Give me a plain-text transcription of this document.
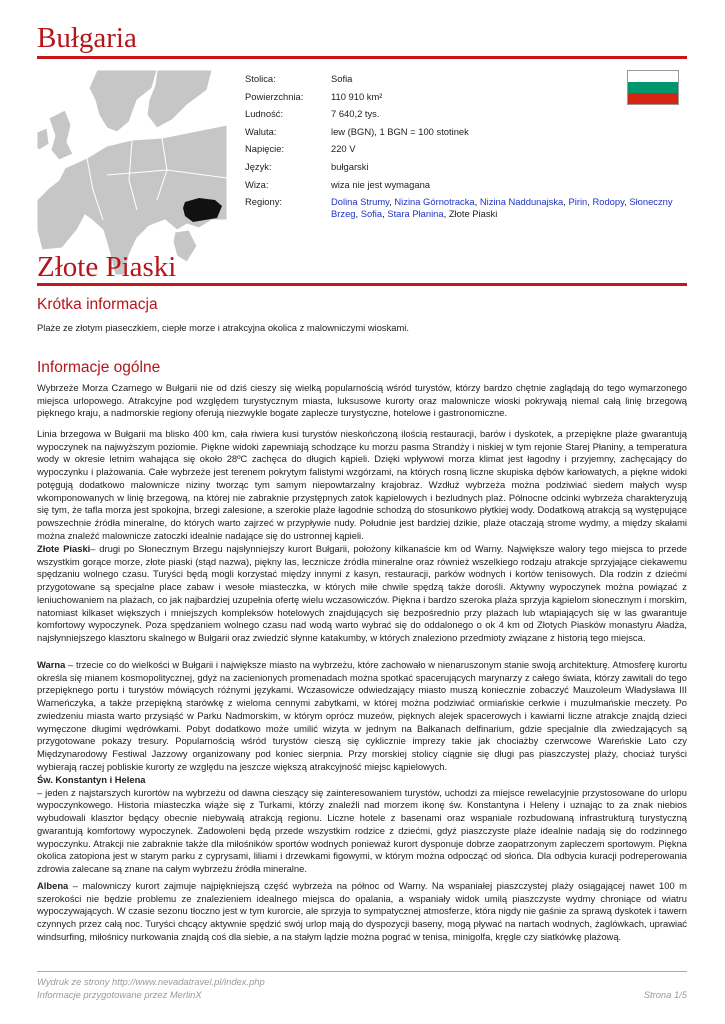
Bułgaria
Stolica:	Sofia
Powierzchnia:	110 910 km²
Ludność:	7 640,2 tys.
Waluta:	lew (BGN), 1 BGN = 100 stotinek
Napięcie:	220 V
Język:	bułgarski
Wiza:	wiza nie jest wymagana
Regiony:	Dolina Strumy, Nizina Górnotracka, Nizina Naddunajska, Pirin, Rodopy, Słoneczny Brzeg, Sofia, Stara Płanina, Złote Piaski
Złote Piaski
Krótka informacja

Plaże ze złotym piaseczkiem, ciepłe morze i atrakcyjna okolica z malowniczymi wioskami.

Informacje ogólne

Wybrzeże Morza Czarnego w Bułgarii nie od dziś cieszy się wielką popularnością wśród turystów, którzy bardzo chętnie zaglądają do tego wymarzonego miejsca urlopowego. Atrakcyjne pod względem turystycznym miasta, luksusowe kurorty oraz malownicze wioski pokrywają niemal całą linię brzegową pięknego kraju, a nadmorskie regiony oferują niezwykle bogate zaplecze turystyczne, hotelowe i gastronomiczne.

Linia brzegowa w Bułgarii ma blisko 400 km, cała riwiera kusi turystów nieskończoną ilością restauracji, barów i dyskotek, a przepiękne plaże gwarantują wypoczynek na najwyższym poziomie. Piękne widoki zapewniają schodzące ku morzu pasma Strandży i niskiej w tym rejonie Starej Płaniny, a temperatura wody w okresie letnim wahająca się około 28ºC zachęca do długich kąpieli. Dzięki wpływowi morza klimat jest łagodny i przyjemny, zachęcający do wypoczynku i plażowania. Całe wybrzeże jest terenem pokrytym falistymi wzgórzami, na których rosną liczne skupiska dębów karłowatych, a piękne widoki potęgują dodatkowo malownicze niziny tworząc tym samym niepowtarzalny krajobraz. Wzdłuż wybrzeża można podziwiać siedem małych wysp wkomponowanych w linię brzegową, na której nie zabraknie przystępnych zatok kąpielowych i bezludnych plaż. Północne odcinki wybrzeża charakteryzują się tym, że tafla morza jest spokojna, brzegi zalesione, a szerokie plaże łagodnie schodzą do stosunkowo płytkiej wody. Dodatkową atrakcją są występujące powszechnie źródła mineralne, do których warto zajrzeć w przypływie nudy. Południe jest bardziej dzikie, plaże otaczają strome wydmy, a między skałami można znaleźć malownicze zatoczki idealnie nadające się do ustronnej kąpieli.

Złote Piaski– drugi po Słonecznym Brzegu najsłynniejszy kurort Bułgarii, położony kilkanaście km od Warny. Największe walory tego miejsca to przede wszystkim gorące morze, złote piaski (stąd nazwa), piękny las, lecznicze źródła mineralne oraz również wszelkiego rodzaju atrakcje sprzyjające ciekawemu spędzaniu wolnego czasu. Turyści będą mogli korzystać między innymi z kasyn, restauracji, parków wodnych i kortów tenisowych. Dla rodzin z dziećmi przygotowane są specjalne place zabaw i wesołe miasteczka, w których miłe chwile spędzą także dorośli. Aktywny wypoczynek można powiązać z leniuchowaniem na plażach, co jak najbardziej uzupełnia ofertę wielu wczasowiczów. Piękna i bardzo szeroka plaża sprzyja kąpielom słonecznym i morskim, natomiast kilkaset większych i mniejszych kompleksów hotelowych znajdujących się bezpośrednio przy plażach lub wtapiających się w las gwarantuje komfortowy wypoczynek. Poza spędzaniem wolnego czasu nad wodą warto wybrać się do oddalonego o ok 4 km od Złotych Piasków monastyru Aładża, najsłynniejszego klasztoru skalnego w Bułgarii oraz zwiedzić słynne katakumby, w których znaleziono przedmioty związane z historią tego miejsca.

Warna – trzecie co do wielkości w Bułgarii i największe miasto na wybrzeżu, które zachowało w nienaruszonym stanie swoją architekturę. Atmosferę kurortu określa się mianem kosmopolitycznej, gdyż na zacienionych promenadach można spotkać spacerujących marynarzy z całego świata, którzy zawitali do tego przepięknego portu i turystów mówiących różnymi językami. Wczasowicze odwiedzający miasto muszą koniecznie zobaczyć Mauzoleum Władysława III Warneńczyka, a także przepiękną starówkę z wieloma cennymi zabytkami, w której można podziwiać ormiańskie cerkwie i muzułmańskie meczety. Po zwiedzeniu miasta warto przysiąść w Parku Nadmorskim, w którym oprócz muzeów, pięknych alejek spacerowych i kawiarni liczne atrakcje znajdą dzieci wymęczone długimi wędrówkami. Pobyt dodatkowo może umilić wizyta w jednym na Bałkanach delfinarium, gdzie specjalnie dla zwiedzających są przygotowane pokazy tresury. Popularnością wśród turystów cieszą się cyklicznie imprezy takie jak chociażby czerwcowe Wareńskie Lato czy Międzynarodowy Festiwal Jazzowy organizowany pod koniec sierpnia. Przy morskiej stolicy ciągnie się długi pas piaszczystej plaży, chociaż turyści wybierają raczej pobliskie kurorty ze względu na jeszcze większą atrakcyjność miejsc kąpielowych.

Św. Konstantyn i Helena
– jeden z najstarszych kurortów na wybrzeżu od dawna cieszący się zainteresowaniem turystów, uchodzi za miejsce rewelacyjnie przystosowane do urlopu wypoczynkowego. Historia miasteczka wiąże się z Turkami, którzy znaleźli nad morzem ikonę św. Konstantyna i Heleny i uznając to za znak niebios wybudowali klasztor będący obecnie niebywałą atrakcją regionu. Liczne hotele z basenami oraz wspaniale rozbudowaną infrastrukturą turystyczną gwarantują komfortowy wypoczynek. Zadowoleni będą przede wszystkim rodzice z dziećmi, gdyż piaszczyste plaże idealnie nadają się do rodzinnego wypoczynku. Atrakcji nie zabraknie także dla miłośników sportów wodnych ponieważ kurort dysponuje dobrze zaopatrzonym zapleczem sportowym. Piękna okolica zatopiona jest w starym parku z cyprysami, liliami i drzewkami figowymi, w którym można odpocząć od słońca. Dla odbycia kuracji podreperowania zdrowia zalecane są znane na całym wybrzeżu źródła mineralne.

Albena – malowniczy kurort zajmuje najpiękniejszą część wybrzeża na północ od Warny. Na wspaniałej piaszczystej plaży osiągającej nawet 100 m szerokości nie będzie problemu ze znalezieniem idealnego miejsca do opalania, a wspaniały widok umilą piaszczyste wydmy chroniące od wiatru wypoczywających. W czasie sezonu tłoczno jest w tym kurorcie, ale sprzyja to sympatycznej atmosferze, która nigdy nie gaśnie za sprawą dyskotek i tawern czynnych przez całą noc. Turyści chcący aktywnie spędzić swój urlop mają do dyspozycji baseny, mogą pływać na nartach wodnych, żaglówkach, uprawiać windsurfing, miłośnicy nurkowania znajdą coś dla siebie, a na stałym lądzie można pograć w tenisa, minigolfa, kręgle czy siatkówkę plażową.

Wydruk ze strony http://www.nevadatravel.pl/index.php
Informacje przygotowane przez MerlinX	Strona 1/5
